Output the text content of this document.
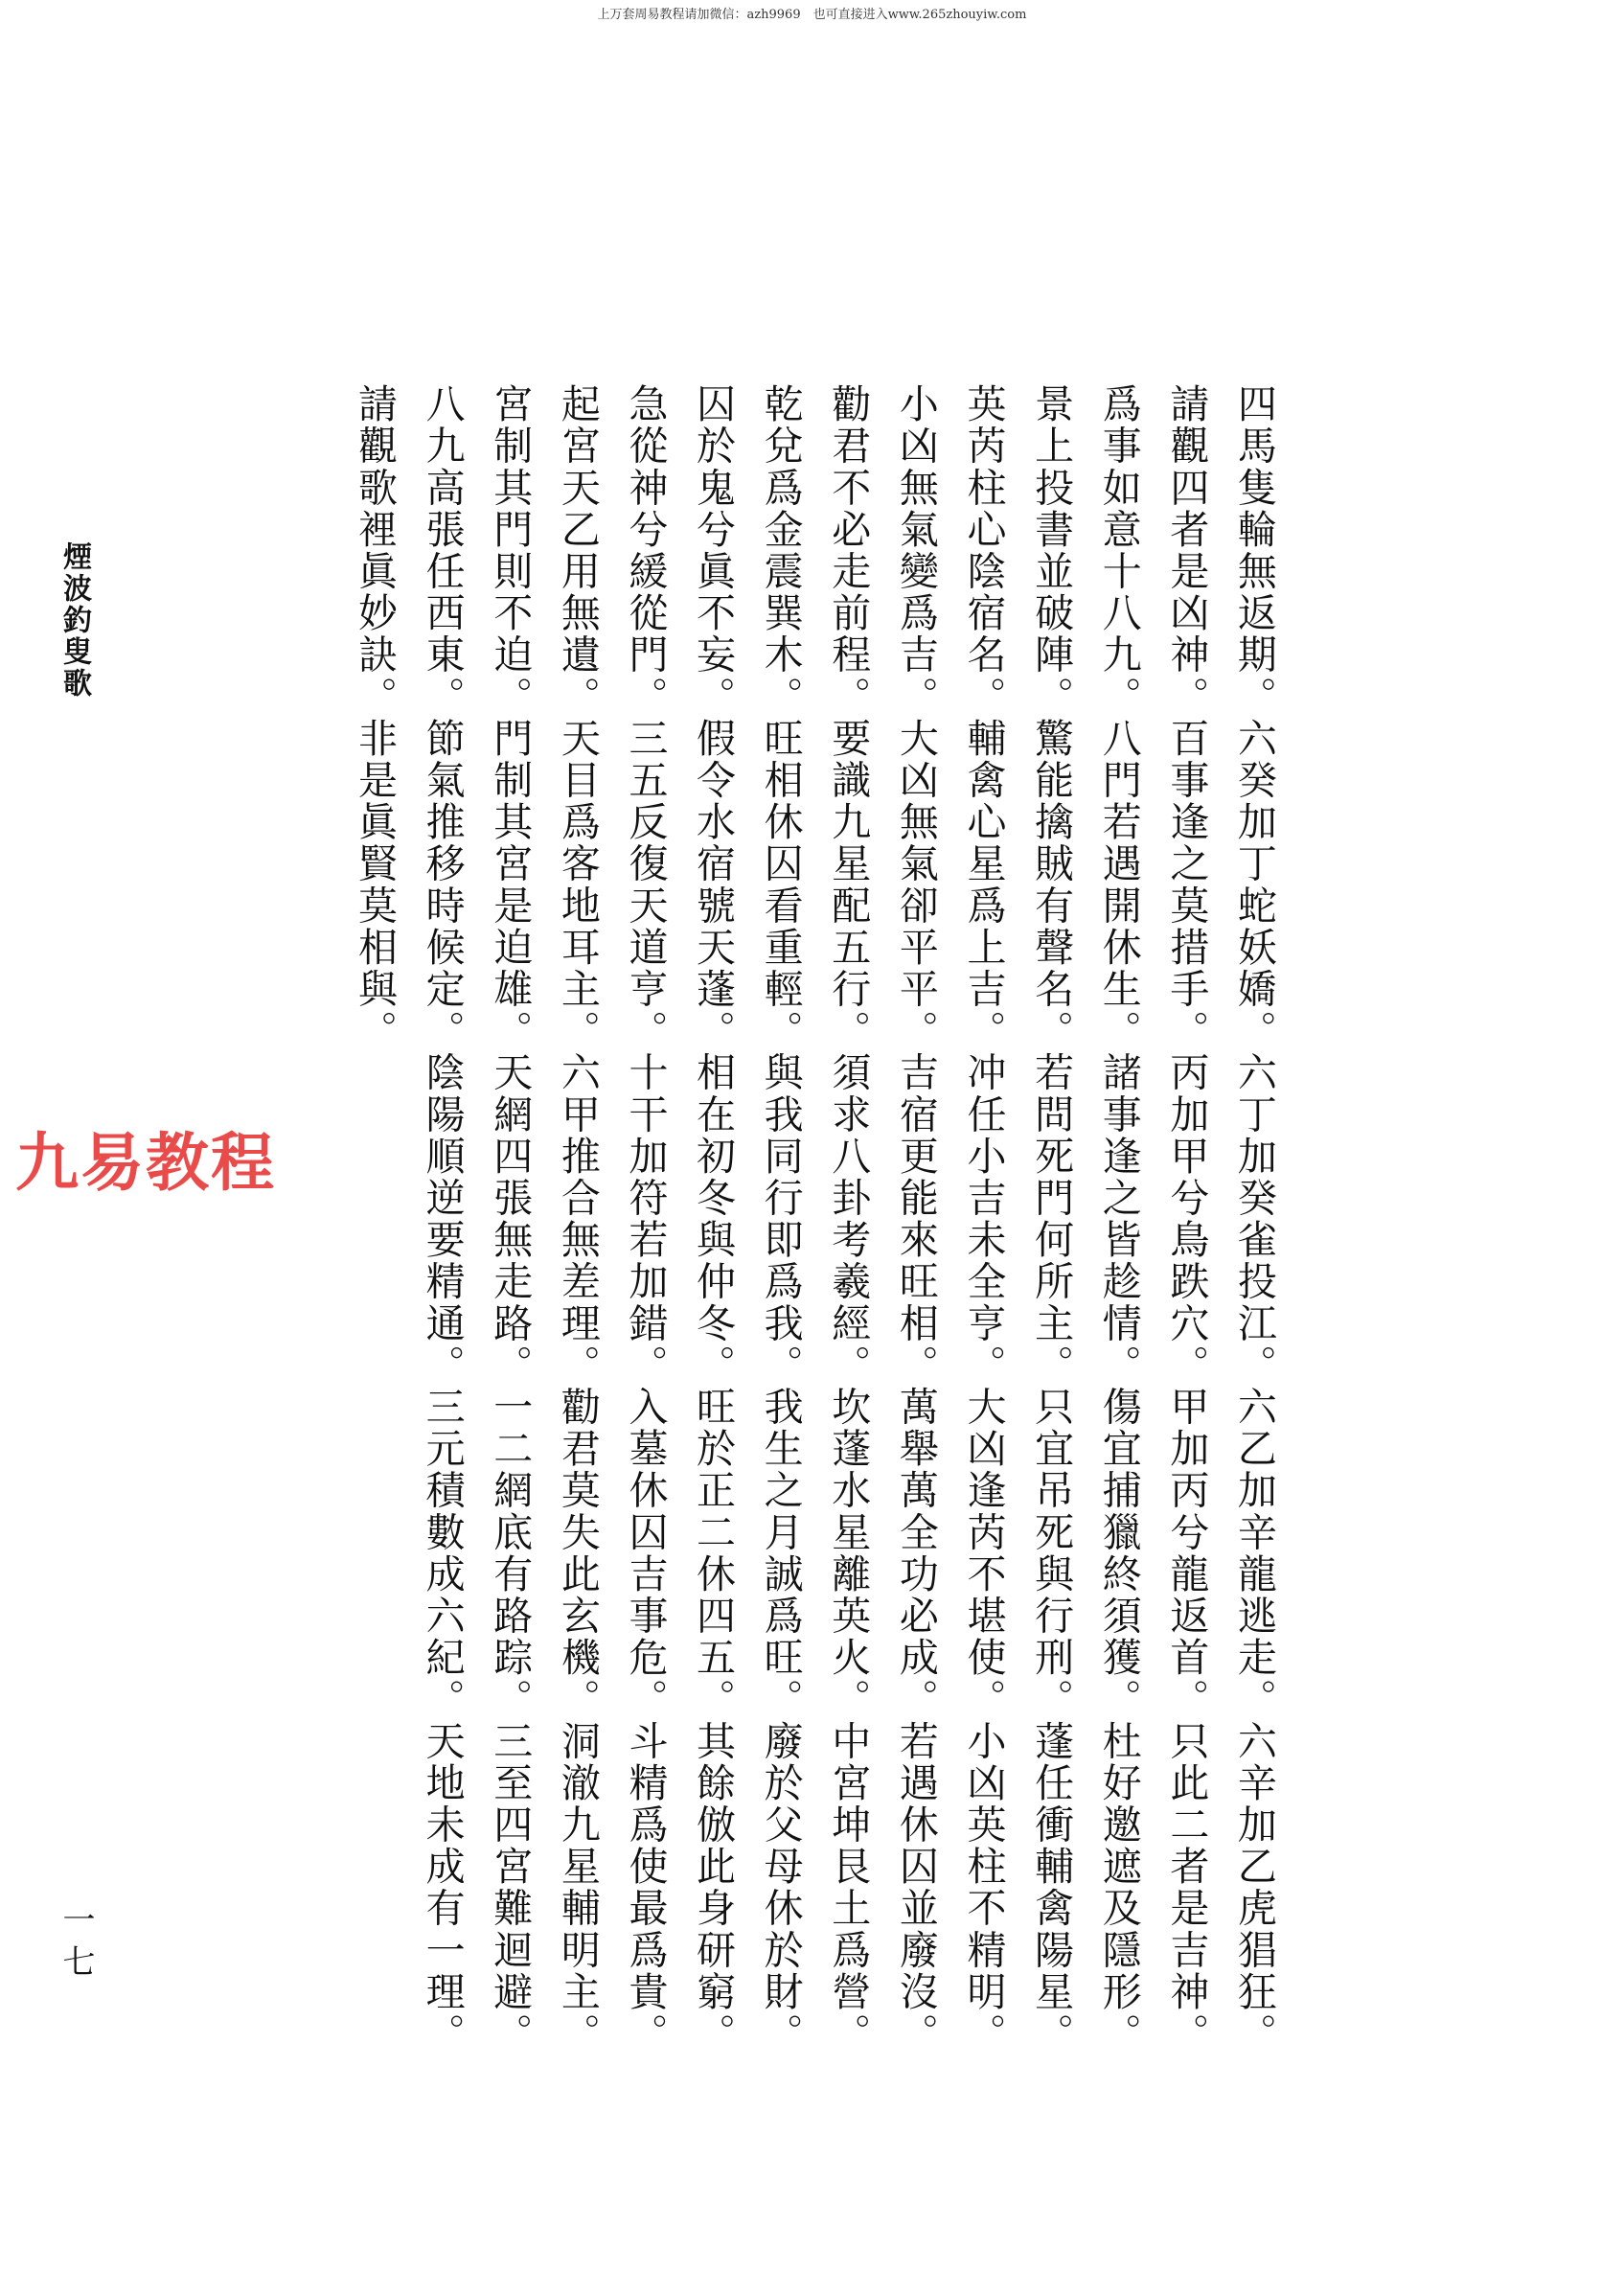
上万套周易教程请加微信：azh9969　也可直接进入www.265zhouyiw.com
煙波釣叟歌
九易教程
一七	四馬隻輪無返期。六癸加丁蛇妖嬌。六丁加癸雀投江。六乙加辛龍逃走。六辛加乙虎猖狂。
請觀四者是凶神。百事逢之莫措手。丙加甲兮鳥跌穴。甲加丙兮龍返首。只此二者是吉神。
爲事如意十八九。八門若遇開休生。諸事逢之皆趁情。傷宜捕獵終須獲。杜好邀遮及隱形。
景上投書並破陣。驚能擒賊有聲名。若問死門何所主。只宜吊死與行刑。蓬任衝輔禽陽星。
英芮柱心陰宿名。輔禽心星爲上吉。冲任小吉未全亨。大凶逢芮不堪使。小凶英柱不精明。
小凶無氣變爲吉。大凶無氣卻平平。吉宿更能來旺相。萬舉萬全功必成。若遇休囚並廢沒。
勸君不必走前程。要識九星配五行。須求八卦考羲經。坎蓬水星離英火。中宮坤艮土爲營。
乾兌爲金震巽木。旺相休囚看重輕。與我同行即爲我。我生之月誠爲旺。廢於父母休於財。
囚於鬼兮眞不妄。假令水宿號天蓬。相在初冬與仲冬。旺於正二休四五。其餘倣此身研窮。
急從神兮緩從門。三五反復天道亨。十干加符若加錯。入墓休囚吉事危。斗精爲使最爲貴。
起宮天乙用無遺。天目爲客地耳主。六甲推合無差理。勸君莫失此玄機。洞澈九星輔明主。
宮制其門則不迫。門制其宮是迫雄。天網四張無走路。一二網底有路踪。三至四宮難迴避。
八九高張任西東。節氣推移時候定。陰陽順逆要精通。三元積數成六紀。天地未成有一理。
請觀歌裡眞妙訣。非是眞賢莫相與。
